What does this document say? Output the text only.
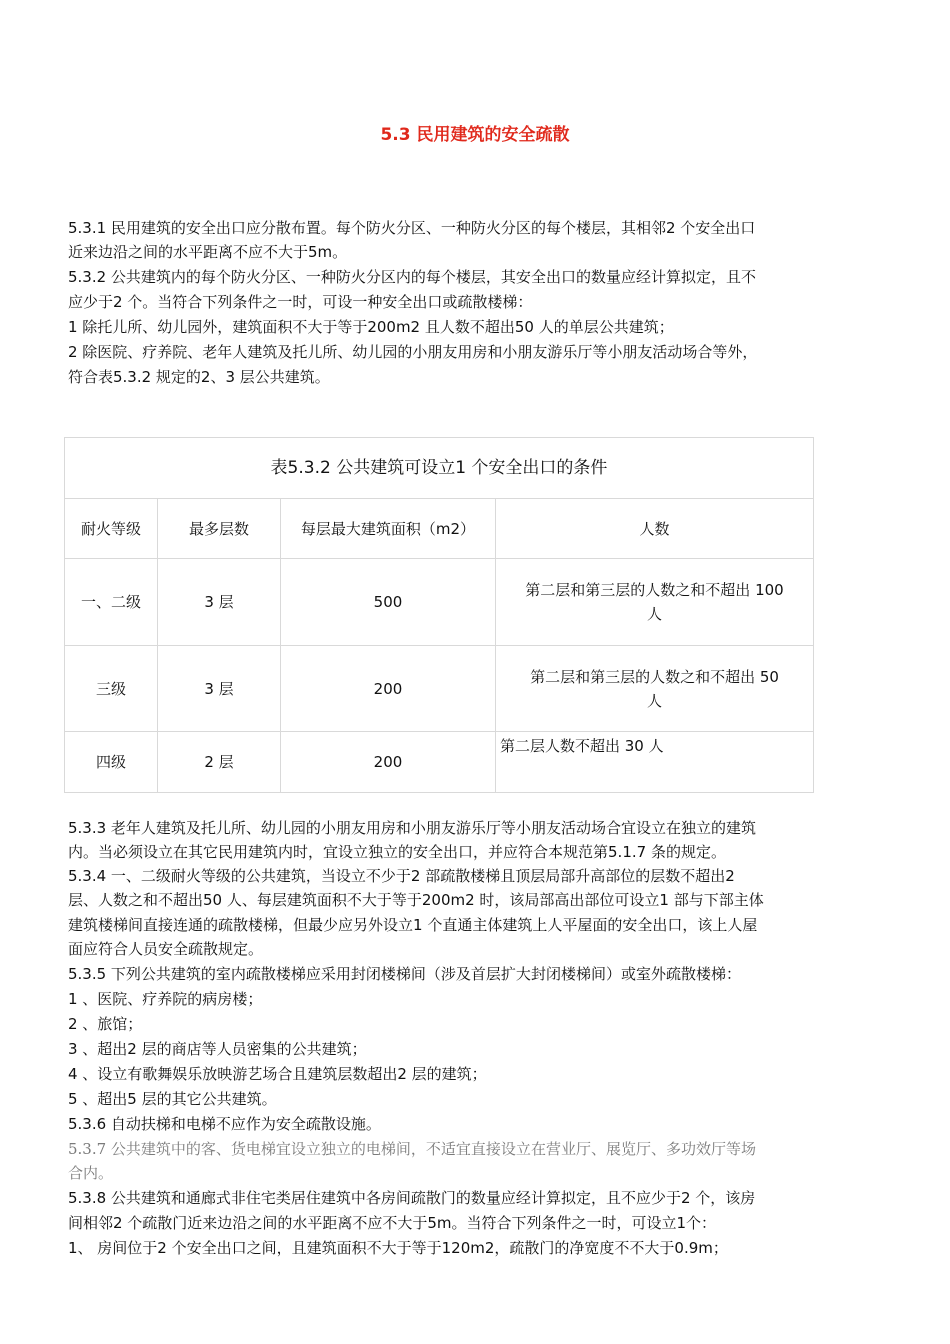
5.3 民用建筑的安全疏散
5.3.1 民用建筑的安全出口应分散布置。每个防火分区、一种防火分区的每个楼层，其相邻2 个安全出口
近来边沿之间的水平距离不应不大于5m。
5.3.2 公共建筑内的每个防火分区、一种防火分区内的每个楼层，其安全出口的数量应经计算拟定，且不
应少于2 个。当符合下列条件之一时，可设一种安全出口或疏散楼梯：
1 除托儿所、幼儿园外，建筑面积不大于等于200m2 且人数不超出50 人的单层公共建筑；
2 除医院、疗养院、老年人建筑及托儿所、幼儿园的小朋友用房和小朋友游乐厅等小朋友活动场合等外，
符合表5.3.2 规定的2、3 层公共建筑。
表5.3.2 公共建筑可设立1 个安全出口的条件			
耐火等级	最多层数	每层最大建筑面积（m2）	人数
一、二级	3 层	500	第二层和第三层的人数之和不超出 100
人

三级	3 层	200	第二层和第三层的人数之和不超出 50
人

四级	2 层	200	第二层人数不超出 30 人
5.3.3 老年人建筑及托儿所、幼儿园的小朋友用房和小朋友游乐厅等小朋友活动场合宜设立在独立的建筑
内。当必须设立在其它民用建筑内时，宜设立独立的安全出口，并应符合本规范第5.1.7 条的规定。
5.3.4 一、二级耐火等级的公共建筑，当设立不少于2 部疏散楼梯且顶层局部升高部位的层数不超出2
层、人数之和不超出50 人、每层建筑面积不大于等于200m2 时，该局部高出部位可设立1 部与下部主体
建筑楼梯间直接连通的疏散楼梯，但最少应另外设立1 个直通主体建筑上人平屋面的安全出口，该上人屋
面应符合人员安全疏散规定。
5.3.5 下列公共建筑的室内疏散楼梯应采用封闭楼梯间（涉及首层扩大封闭楼梯间）或室外疏散楼梯：
1 、医院、疗养院的病房楼；
2 、旅馆；
3 、超出2 层的商店等人员密集的公共建筑；
4 、设立有歌舞娱乐放映游艺场合且建筑层数超出2 层的建筑；
5 、超出5 层的其它公共建筑。
5.3.6 自动扶梯和电梯不应作为安全疏散设施。
5.3.7 公共建筑中的客、货电梯宜设立独立的电梯间，不适宜直接设立在营业厅、展览厅、多功效厅等场
合内。
5.3.8 公共建筑和通廊式非住宅类居住建筑中各房间疏散门的数量应经计算拟定，且不应少于2 个，该房
间相邻2 个疏散门近来边沿之间的水平距离不应不大于5m。当符合下列条件之一时，可设立1个：
1、 房间位于2 个安全出口之间，且建筑面积不大于等于120m2，疏散门的净宽度不不大于0.9m；
